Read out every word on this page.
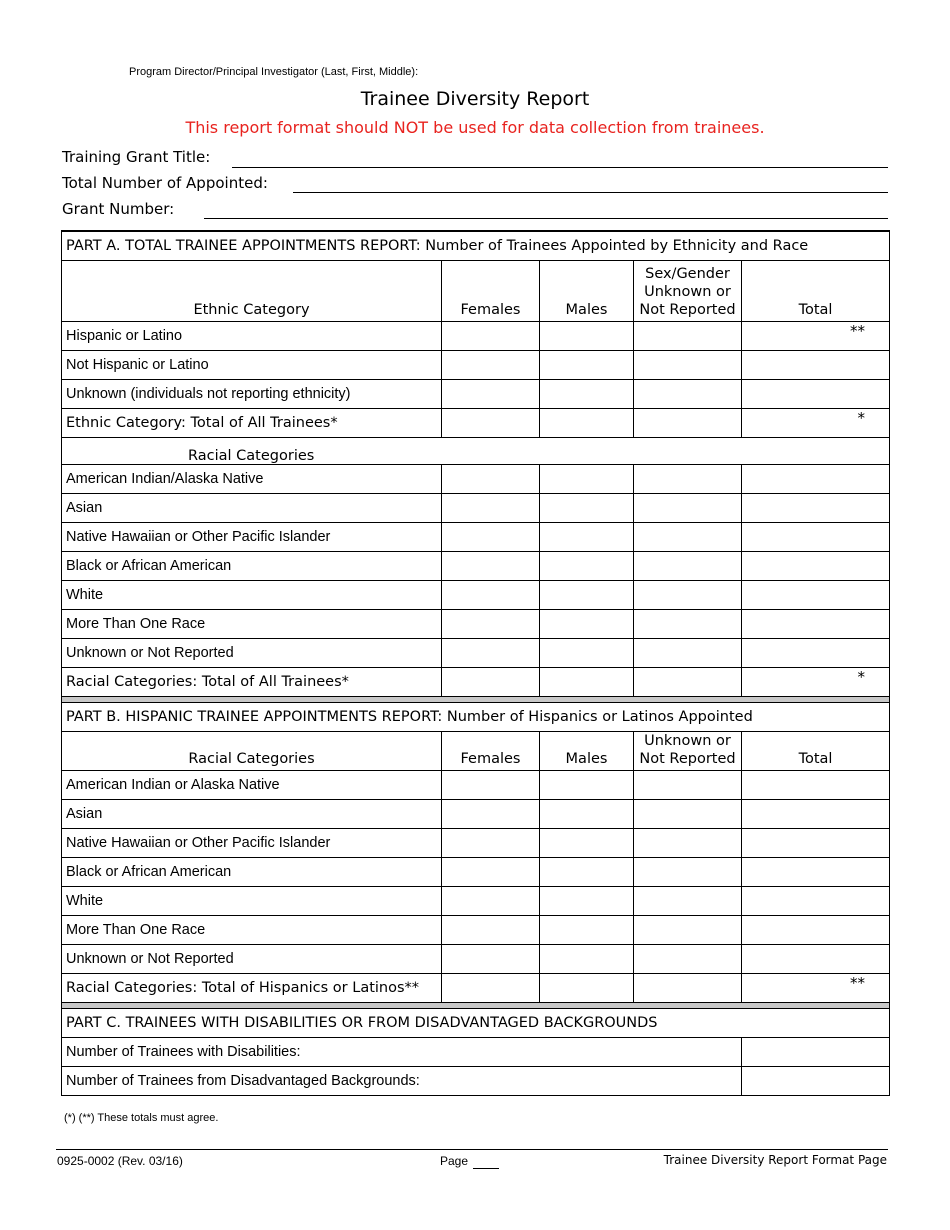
Program Director/Principal Investigator (Last, First, Middle):
Trainee Diversity Report
This report format should NOT be used for data collection from trainees.
Training Grant Title:
Total Number of Appointed:
Grant Number:
PART A. TOTAL TRAINEE APPOINTMENTS REPORT: Number of Trainees Appointed by Ethnicity and Race				
Ethnic Category	Females	Males	Sex/Gender Unknown or Not Reported	Total
Hispanic or Latino				**
Not Hispanic or Latino				
Unknown (individuals not reporting ethnicity)				
Ethnic Category: Total of All Trainees*				*
Racial Categories				
American Indian/Alaska Native				
Asian				
Native Hawaiian or Other Pacific Islander				
Black or African American				
White				
More Than One Race				
Unknown or Not Reported				
Racial Categories: Total of All Trainees*				*

PART B. HISPANIC TRAINEE APPOINTMENTS REPORT: Number of Hispanics or Latinos Appointed				
Racial Categories	Females	Males	Unknown or Not Reported	Total
American Indian or Alaska Native				
Asian				
Native Hawaiian or Other Pacific Islander				
Black or African American				
White				
More Than One Race				
Unknown or Not Reported				
Racial Categories: Total of Hispanics or Latinos**				**

PART C. TRAINEES WITH DISABILITIES OR FROM DISADVANTAGED BACKGROUNDS				
Number of Trainees with Disabilities:				
Number of Trainees from Disadvantaged Backgrounds:				
(*) (**) These totals must agree.
0925-0002 (Rev. 03/16)	Page	Trainee Diversity Report Format Page
